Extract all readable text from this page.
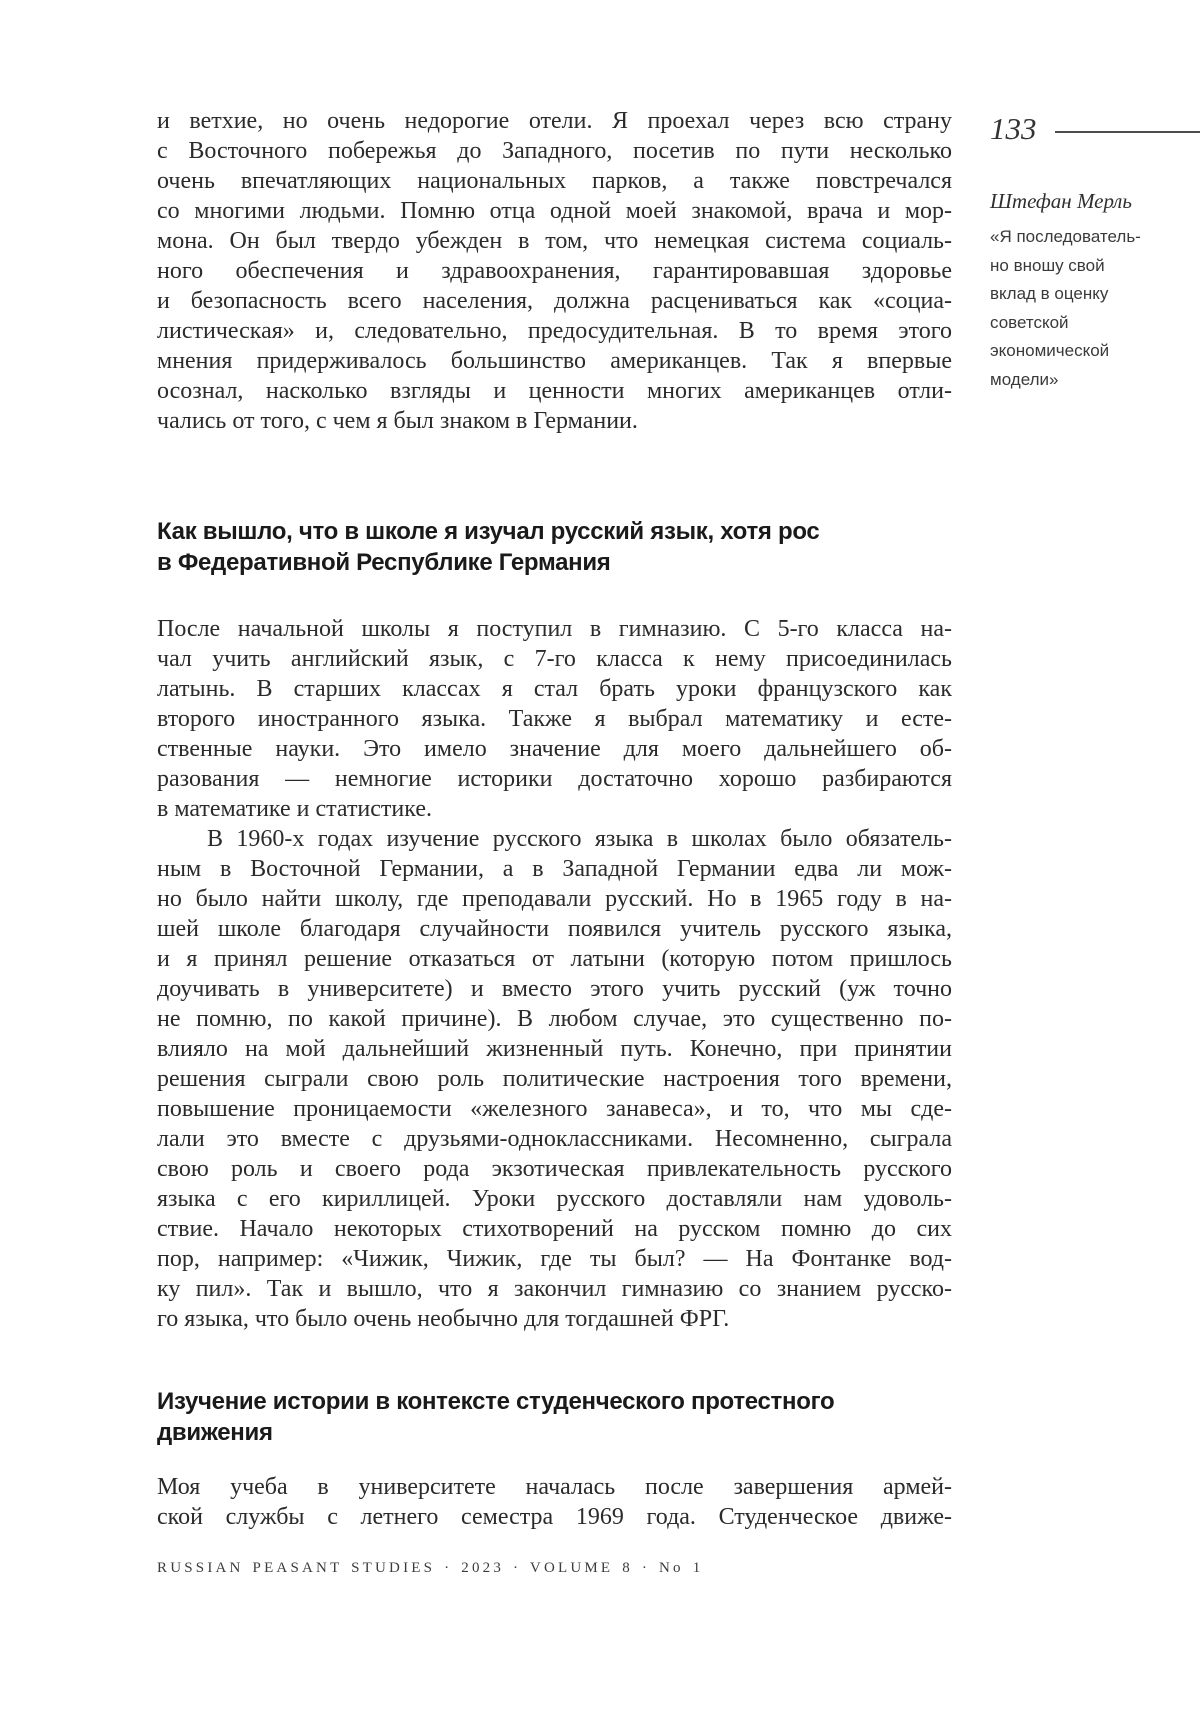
и ветхие, но очень недорогие отели. Я проехал через всю страну
с Восточного побережья до Западного, посетив по пути несколько
очень впечатляющих национальных парков, а также повстречался
со многими людьми. Помню отца одной моей знакомой, врача и мор-
мона. Он был твердо убежден в том, что немецкая система социаль-
ного обеспечения и здравоохранения, гарантировавшая здоровье
и безопасность всего населения, должна расцениваться как «социа-
листическая» и, следовательно, предосудительная. В то время этого
мнения придерживалось большинство американцев. Так я впервые
осознал, насколько взгляды и ценности многих американцев отли-
чались от того, с чем я был знаком в Германии.
Как вышло, что в школе я изучал русский язык, хотя рос
в Федеративной Республике Германия
После начальной школы я поступил в гимназию. С 5-го класса на-
чал учить английский язык, с 7-го класса к нему присоединилась
латынь. В старших классах я стал брать уроки французского как
второго иностранного языка. Также я выбрал математику и есте-
ственные науки. Это имело значение для моего дальнейшего об-
разования — немногие историки достаточно хорошо разбираются
в математике и статистике.
В 1960-х годах изучение русского языка в школах было обязатель-
ным в Восточной Германии, а в Западной Германии едва ли мож-
но было найти школу, где преподавали русский. Но в 1965 году в на-
шей школе благодаря случайности появился учитель русского языка,
и я принял решение отказаться от латыни (которую потом пришлось
доучивать в университете) и вместо этого учить русский (уж точно
не помню, по какой причине). В любом случае, это существенно по-
влияло на мой дальнейший жизненный путь. Конечно, при принятии
решения сыграли свою роль политические настроения того времени,
повышение проницаемости «железного занавеса», и то, что мы сде-
лали это вместе с друзьями-одноклассниками. Несомненно, сыграла
свою роль и своего рода экзотическая привлекательность русского
языка с его кириллицей. Уроки русского доставляли нам удоволь-
ствие. Начало некоторых стихотворений на русском помню до сих
пор, например: «Чижик, Чижик, где ты был? — На Фонтанке вод-
ку пил». Так и вышло, что я закончил гимназию со знанием русско-
го языка, что было очень необычно для тогдашней ФРГ.
Изучение истории в контексте студенческого протестного
движения
Моя учеба в университете началась после завершения армей-
ской службы с летнего семестра 1969 года. Студенческое движе-
133
Штефан Мерль
«Я последователь-
но вношу свой
вклад в оценку
советской
экономической
модели»
RUSSIAN PEASANT STUDIES · 2023 · VOLUME 8 · No 1
